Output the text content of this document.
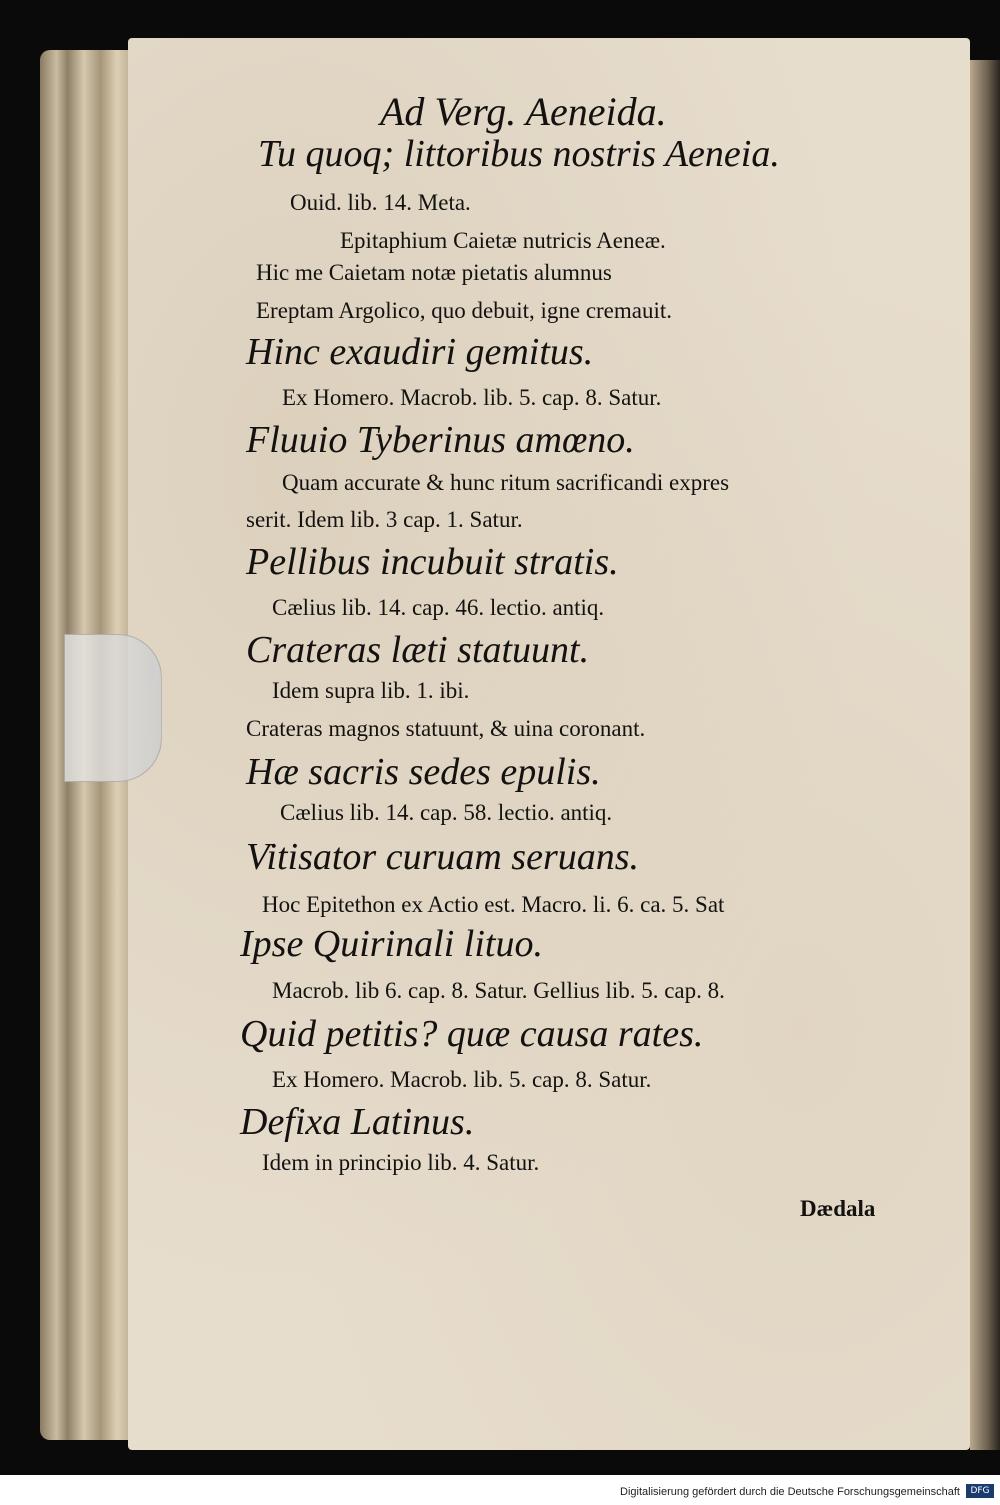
Ad Verg. Aeneida.
Tu quoq; littoribus nostris Aeneia.
Ouid. lib. 14. Meta.
Epitaphium Caietæ nutricis Aeneæ.
Hic me Caietam notæ pietatis alumnus
Ereptam Argolico, quo debuit, igne cremauit.
Hinc exaudiri gemitus.
Ex Homero. Macrob. lib. 5. cap. 8. Satur.
Fluuio Tyberinus amœno.
Quam accurate & hunc ritum sacrificandi expres
serit. Idem lib. 3 cap. 1. Satur.
Pellibus incubuit stratis.
Cælius lib. 14. cap. 46. lectio. antiq.
Crateras læti statuunt.
Idem supra lib. 1. ibi.
Crateras magnos statuunt, & uina coronant.
Hæ sacris sedes epulis.
Cælius lib. 14. cap. 58. lectio. antiq.
Vitisator curuam seruans.
Hoc Epitethon ex Actio est. Macro. li. 6. ca. 5. Sat
Ipse Quirinali lituo.
Macrob. lib 6. cap. 8. Satur. Gellius lib. 5. cap. 8.
Quid petitis? quæ causa rates.
Ex Homero. Macrob. lib. 5. cap. 8. Satur.
Defixa Latinus.
Idem in principio lib. 4. Satur.
Dædala
Digitalisierung gefördert durch die Deutsche Forschungsgemeinschaft	DFG
